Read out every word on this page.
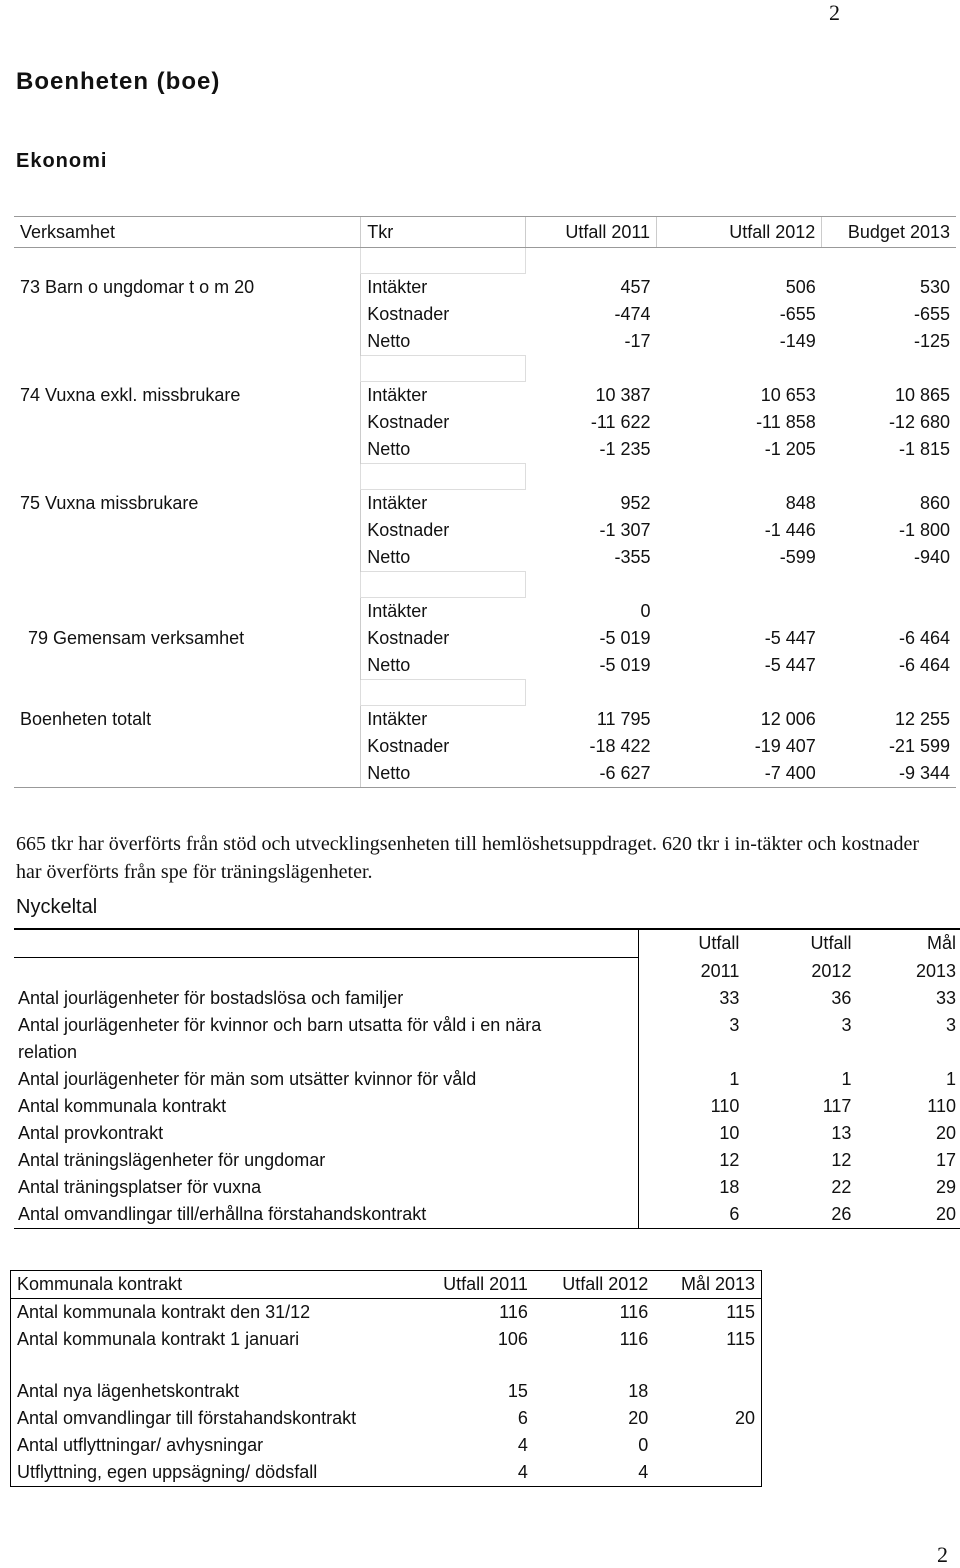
2
Boenheten (boe)
Ekonomi
Verksamhet	Tkr	Utfall 2011	Utfall 2012	Budget 2013

73 Barn o ungdomar t o m 20	Intäkter	457	506	530
	Kostnader	-474	-655	-655
	Netto	-17	-149	-125

74 Vuxna exkl. missbrukare	Intäkter	10 387	10 653	10 865
	Kostnader	-11 622	-11 858	-12 680
	Netto	-1 235	-1 205	-1 815

75 Vuxna missbrukare	Intäkter	952	848	860
	Kostnader	-1 307	-1 446	-1 800
	Netto	-355	-599	-940

	Intäkter	0		
79 Gemensam verksamhet	Kostnader	-5 019	-5 447	-6 464
	Netto	-5 019	-5 447	-6 464

Boenheten totalt	Intäkter	11 795	12 006	12 255
	Kostnader	-18 422	-19 407	-21 599
	Netto	-6 627	-7 400	-9 344
665 tkr har överförts från stöd och utvecklingsenheten till hemlöshetsuppdraget. 620 tkr i in-täkter och kostnader har överförts från spe för träningslägenheter.
Nyckeltal
	Utfall	Utfall	Mål
	2011	2012	2013
Antal jourlägenheter för bostadslösa och familjer	33	36	33
Antal jourlägenheter för kvinnor och barn utsatta för våld i en nära relation	3	3	3
Antal jourlägenheter för män som utsätter kvinnor för våld	1	1	1
Antal kommunala kontrakt	110	117	110
Antal provkontrakt	10	13	20
Antal träningslägenheter för ungdomar	12	12	17
Antal träningsplatser för vuxna	18	22	29
Antal omvandlingar till/erhållna förstahandskontrakt	6	26	20
Kommunala kontrakt	Utfall 2011	Utfall 2012	Mål 2013
Antal kommunala kontrakt den 31/12	116	116	115
Antal kommunala kontrakt 1 januari	106	116	115

Antal nya lägenhetskontrakt	15	18	
Antal omvandlingar till förstahandskontrakt	6	20	20
Antal utflyttningar/ avhysningar	4	0	
Utflyttning, egen uppsägning/ dödsfall	4	4	
2
